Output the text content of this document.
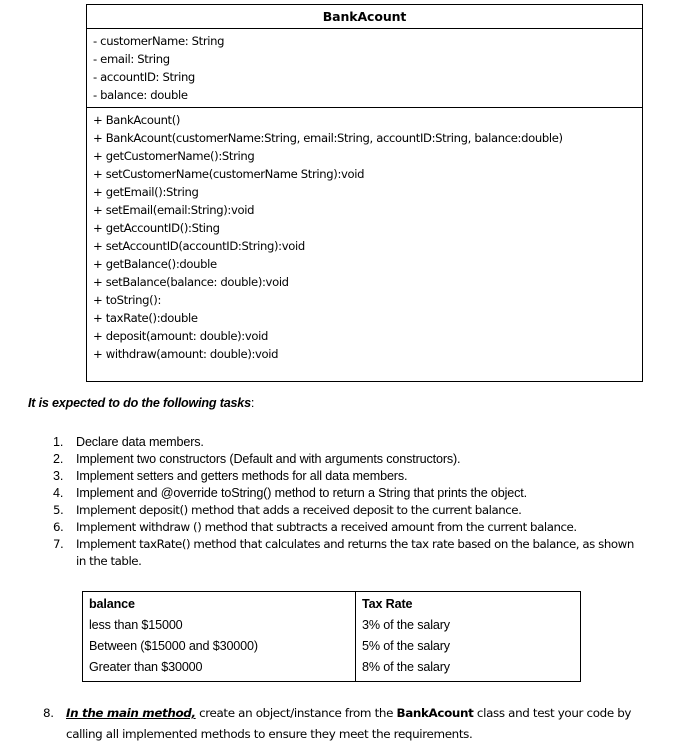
BankAcount
- customerName: String
- email: String
- accountID: String
- balance: double
+ BankAcount()
+ BankAcount(customerName:String, email:String, accountID:String, balance:double)
+ getCustomerName():String
+ setCustomerName(customerName String):void
+ getEmail():String
+ setEmail(email:String):void
+ getAccountID():Sting
+ setAccountID(accountID:String):void
+ getBalance():double
+ setBalance(balance: double):void
+ toString():
+ taxRate():double
+ deposit(amount: double):void
+ withdraw(amount: double):void
It is expected to do the following tasks:
1.	Declare data members.
2.	Implement two constructors (Default and with arguments constructors).
3.	Implement setters and getters methods for all data members.
4.	Implement and @override toString() method to return a String that prints the object.
5.	Implement deposit() method that adds a received deposit to the current balance.
6.	Implement withdraw () method that subtracts a received amount from the current balance.
7.	Implement taxRate() method that calculates and returns the tax rate based on the balance, as shown in the table.
balance	Tax Rate
less than $15000	3% of the salary
Between ($15000 and $30000)	5% of the salary
Greater than $30000	8% of the salary
8.	In the main method, create an object/instance from the BankAcount class and test your code by calling all implemented methods to ensure they meet the requirements.
